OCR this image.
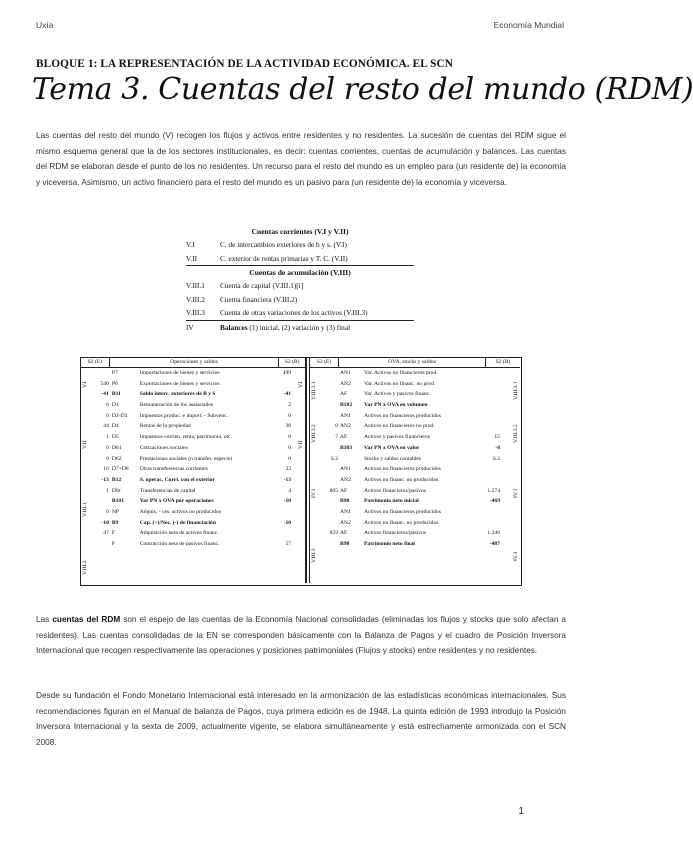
Uxía	Economía Mundial
BLOQUE 1: LA REPRESENTACIÓN DE LA ACTIVIDAD ECONÓMICA. EL SCN
Tema 3. Cuentas del resto del mundo (RDM)
Las cuentas del resto del mundo (V) recogen los flujos y activos entre residentes y no residentes. La sucesión de cuentas del RDM sigue el mismo esquema general que la de los sectores institucionales, es decir: cuentas corrientes, cuentas de acumulación y balances. Las cuentas del RDM se elaboran desde el punto de los no residentes. Un recurso para el resto del mundo es un empleo para (un residente de) la economía y viceversa. Asimismo, un activo financiero para el resto del mundo es un pasivo para (un residente de) la economía y viceversa.
Cuentas corrientes (V.I y V.II)
V.I	C. de intercambios exteriores de b y s. (V.I)
V.II	C. exterior de rentas primarias y T. C. (V.II)
Cuentas de acumulación (V.III)
V.III.1	Cuenta de capital (V.III.1)[i]
V.III.2	Cuenta financiera (V.III.2)
V.III.3	Cuenta de otras variaciones de los activos (V.III.3)
IV	Balances
(1) inicial, (2) variación y (3) final
S2 (E)	Operaciones y saldos	S2 (R)
P7	Importaciones de bienes y servicios	499
540 P6	Exportaciones de bienes y servicios
-41 B11	Saldo interc. exteriores de B y S	-41
6 D1	Remuneración de los asalariados	2
0 D2-D3	Impuestos produc. e import. - Subvenc.	0
44 D4	Rentas de la propiedad	38
1 D5	Impuestos corrien. renta, patrimonio, etc.	0
0 D61	Cotizaciones sociales	0
0 D62	Prestaciones sociales (n transfer. especie)	0
16 D7+D8	Otras transferencias corrientes	33
-13 B12	S. operac. Corri. con el exterior	-13
1 D9r	Transferencias de capital	4
B101	Var PN x OVA por operaciones	-10
0 NP	Adquis. - ces. activos no producidos
-10 B9	Cap. (+)/Nec. (-) de financiación	-10
47 F	Adquisición neta de activos financ.
F	Contracción neta de pasivos financ.	57
V.I
V.II
V.III.1
V.III.2
V.I
V.II
S2 (E)	OVA, stocks y saldos	S2 (R)
AN1	Var. Activos no financieros prod.
AN2	Var. Activos no financ. no prod.
AF	Var. Activos y pasivos financ.
B102	Var PN x OVA en volumen
AN1	Activos no financieros producidos
0 AN2	Activos no financieros no prod.
7 AF	Activos y pasivos financieros	15
B103	Var PN x OVA en valor	-8
S.2	Stocks y saldos contables	S.2
AN1	Activos no financieros producidos
AN2	Activos no financ. no producidos
805 AF	Activos financieros/pasivos	1.274
B90	Patrimonio neto inicial	-469
AN1	Activos no financieros producidos
AN2	Activos no financ. no producidos
859 AF	Activos financieros/pasivos	1.346
B90	Patrimonio neto final	-487
V.III.3.1
V.III.3.2
IV.1
V.III.3
V.III.3.1
V.III.3.2
IV.1
IV.3
Las cuentas del RDM son el espejo de las cuentas de la Economía Nacional consolidadas (eliminadas los flujos y stocks que solo afectan a residentes). Las cuentas consolidadas de la EN se corresponden básicamente con la Balanza de Pagos y el cuadro de Posición Inversora Internacional que recogen respectivamente las operaciones y posiciones patrimoniales (Flujos y stocks) entre residentes y no residentes.
Desde su fundación el Fondo Monetario Internacional está interesado en la armonización de las estadísticas económicas internacionales. Sus recomendaciones figuran en el Manual de balanza de Pagos, cuya primera edición es de 1948. La quinta edición de 1993 introdujo la Posición Inversora Internacional y la sexta de 2009, actualmente vigente, se elabora simultáneamente y está estrechamente armonizada con el SCN 2008.
1
